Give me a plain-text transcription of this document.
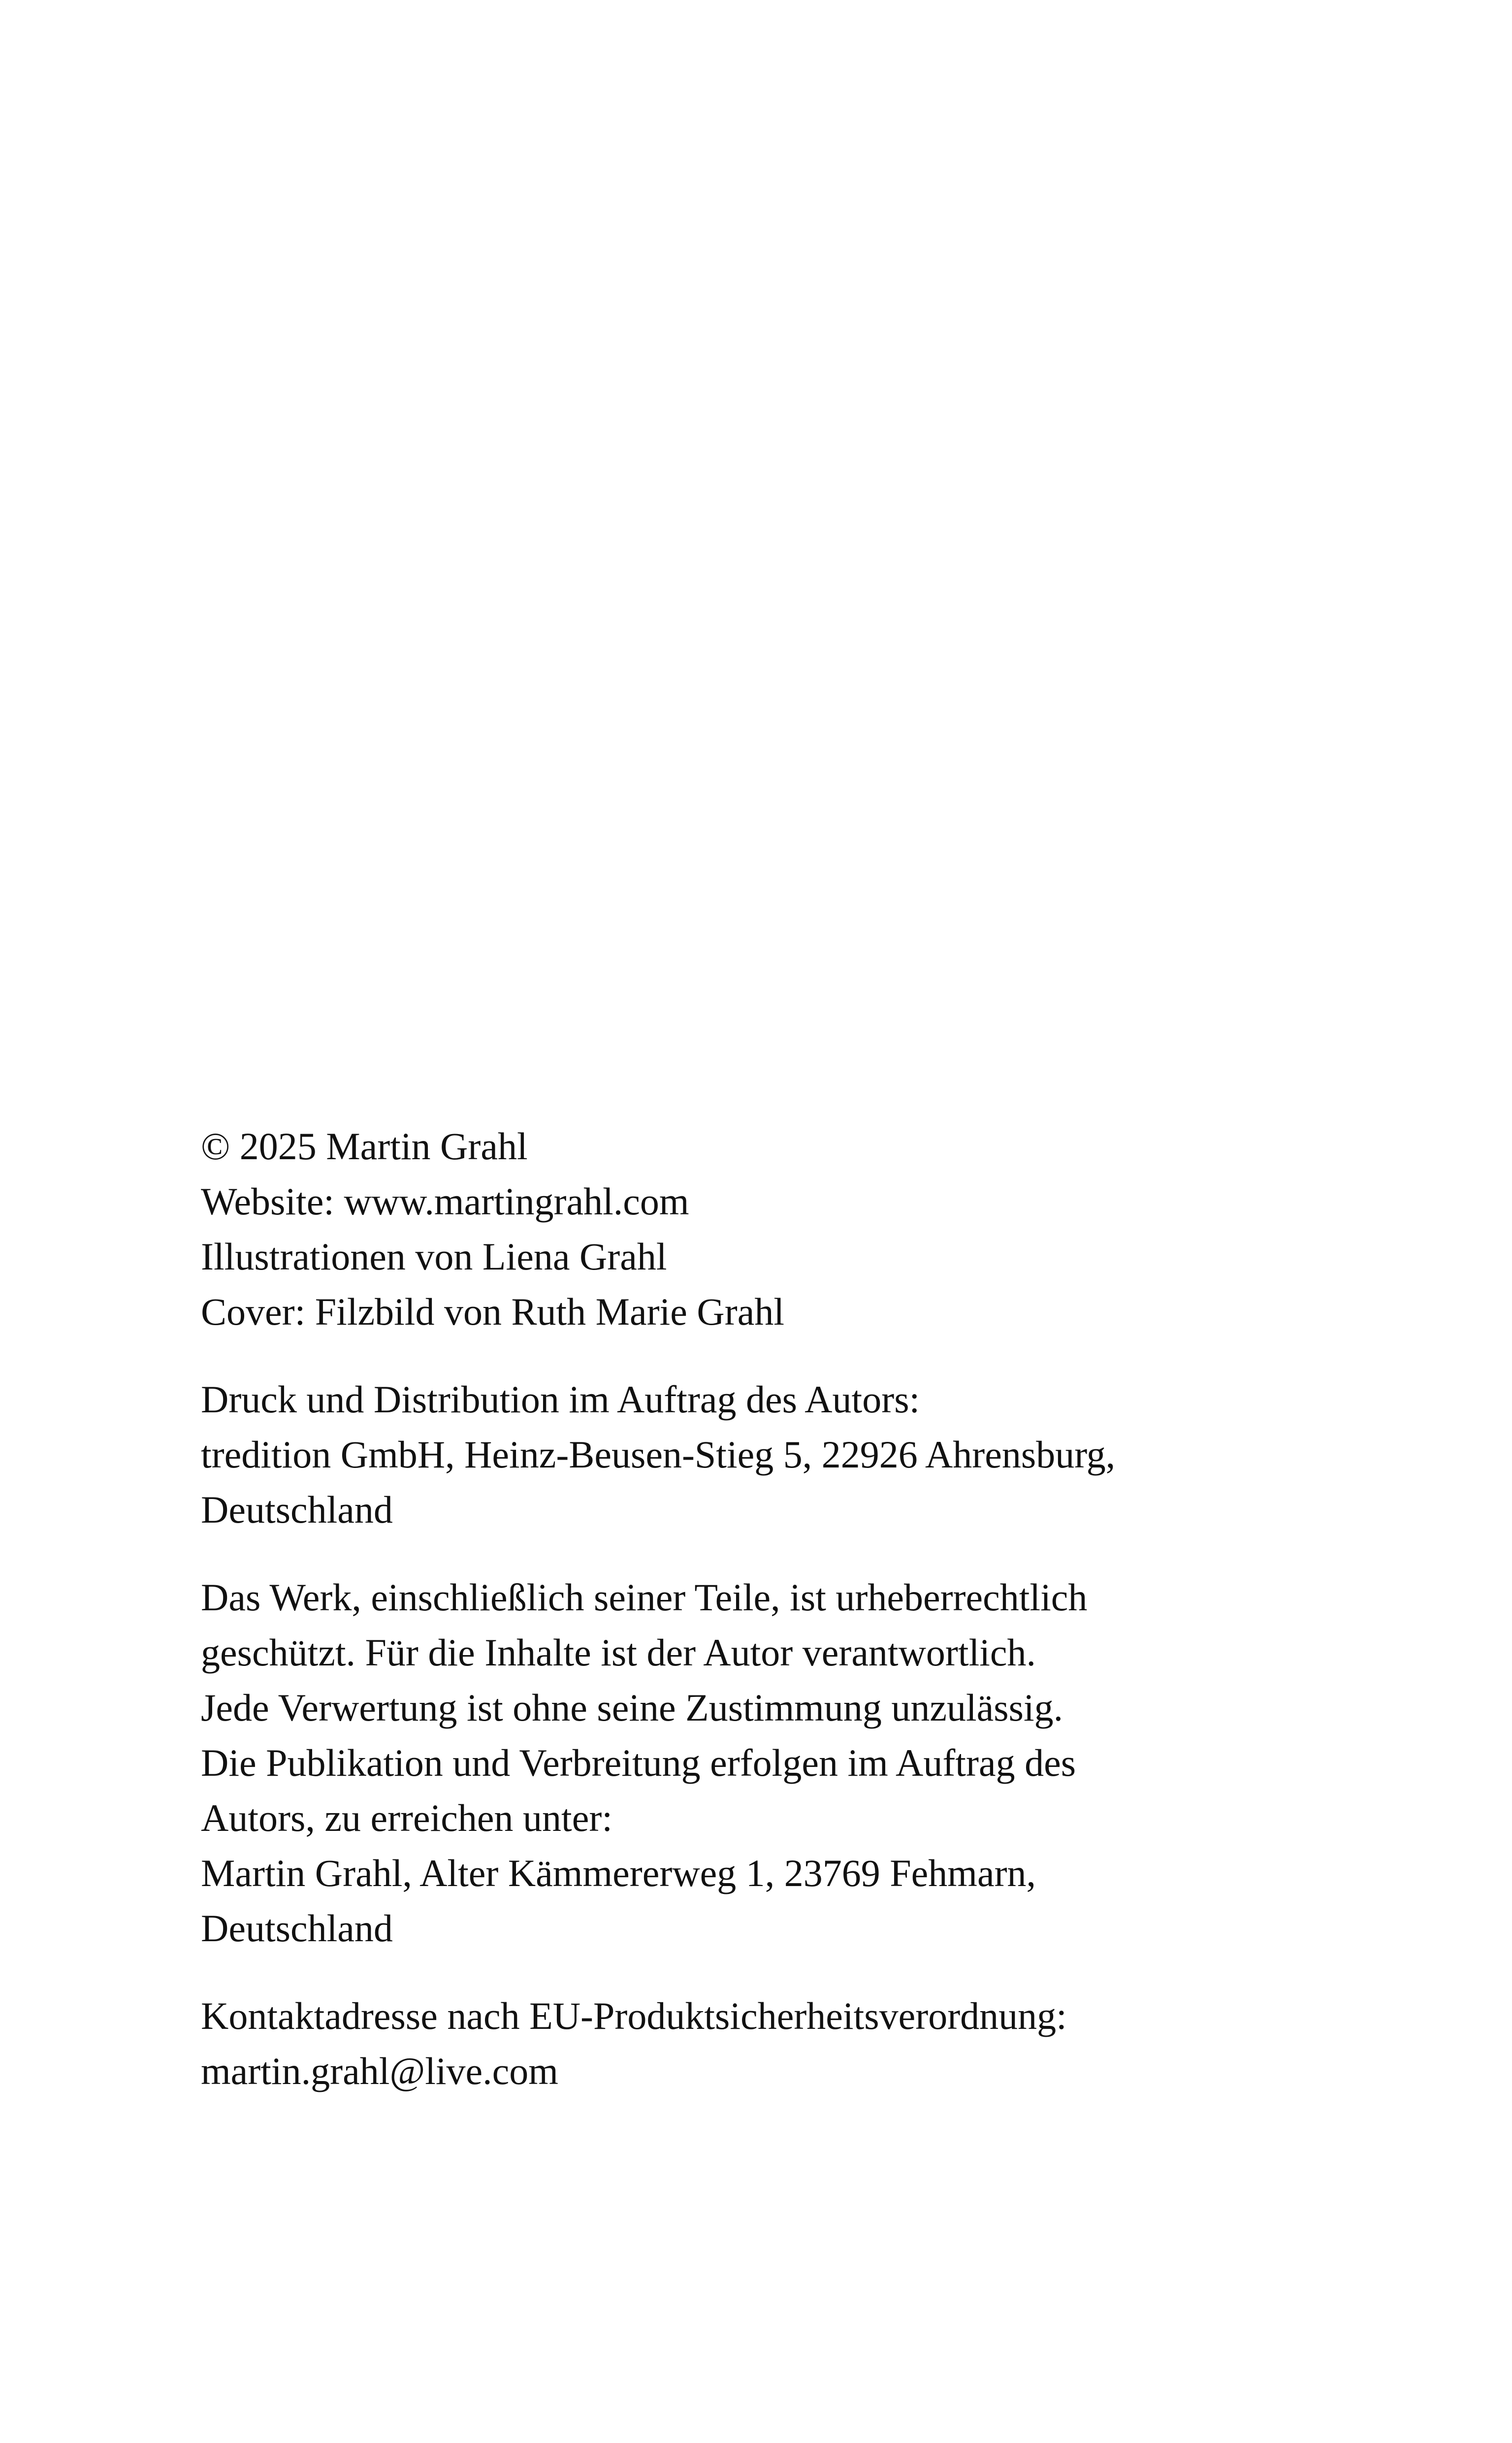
© 2025 Martin Grahl
Website: www.martingrahl.com
Illustrationen von Liena Grahl
Cover: Filzbild von Ruth Marie Grahl
Druck und Distribution im Auftrag des Autors:
tredition GmbH, Heinz-Beusen-Stieg 5, 22926 Ahrensburg,
Deutschland
Das Werk, einschließlich seiner Teile, ist urheberrechtlich
geschützt. Für die Inhalte ist der Autor verantwortlich.
Jede Verwertung ist ohne seine Zustimmung unzulässig.
Die Publikation und Verbreitung erfolgen im Auftrag des
Autors, zu erreichen unter:
Martin Grahl, Alter Kämmererweg 1, 23769 Fehmarn,
Deutschland
Kontaktadresse nach EU-Produktsicherheitsverordnung:
martin.grahl@live.com
